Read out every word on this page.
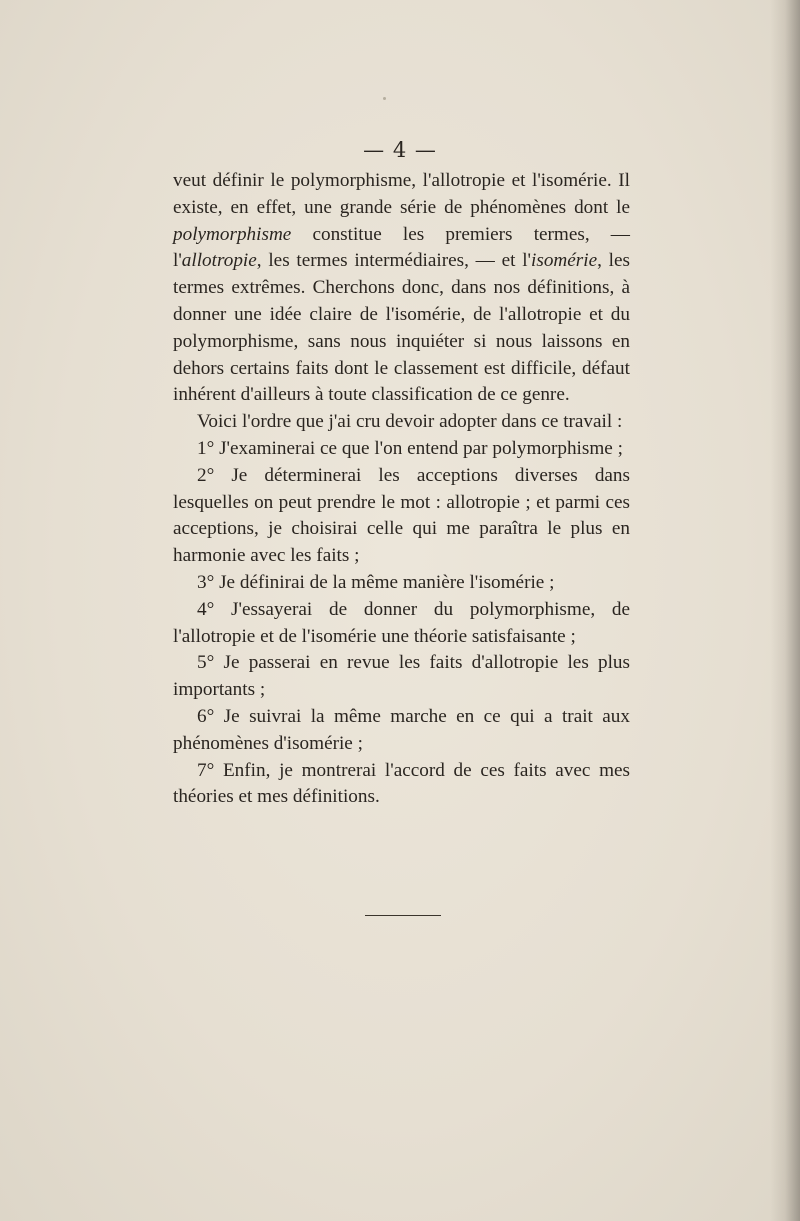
— 4 —

veut définir le polymorphisme, l'allotropie et l'isomérie. Il existe, en effet, une grande série de phénomènes dont le polymorphisme constitue les premiers termes, — l'allotropie, les termes intermédiaires, — et l'isomérie, les termes extrêmes. Cherchons donc, dans nos définitions, à donner une idée claire de l'isomérie, de l'allotropie et du polymorphisme, sans nous inquiéter si nous laissons en dehors certains faits dont le classement est difficile, défaut inhérent d'ailleurs à toute classification de ce genre.

Voici l'ordre que j'ai cru devoir adopter dans ce travail :

1° J'examinerai ce que l'on entend par polymorphisme ;

2° Je déterminerai les acceptions diverses dans lesquelles on peut prendre le mot : allotropie ; et parmi ces acceptions, je choisirai celle qui me paraîtra le plus en harmonie avec les faits ;

3° Je définirai de la même manière l'isomérie ;

4° J'essayerai de donner du polymorphisme, de l'allotropie et de l'isomérie une théorie satisfaisante ;

5° Je passerai en revue les faits d'allotropie les plus importants ;

6° Je suivrai la même marche en ce qui a trait aux phénomènes d'isomérie ;

7° Enfin, je montrerai l'accord de ces faits avec mes théories et mes définitions.
